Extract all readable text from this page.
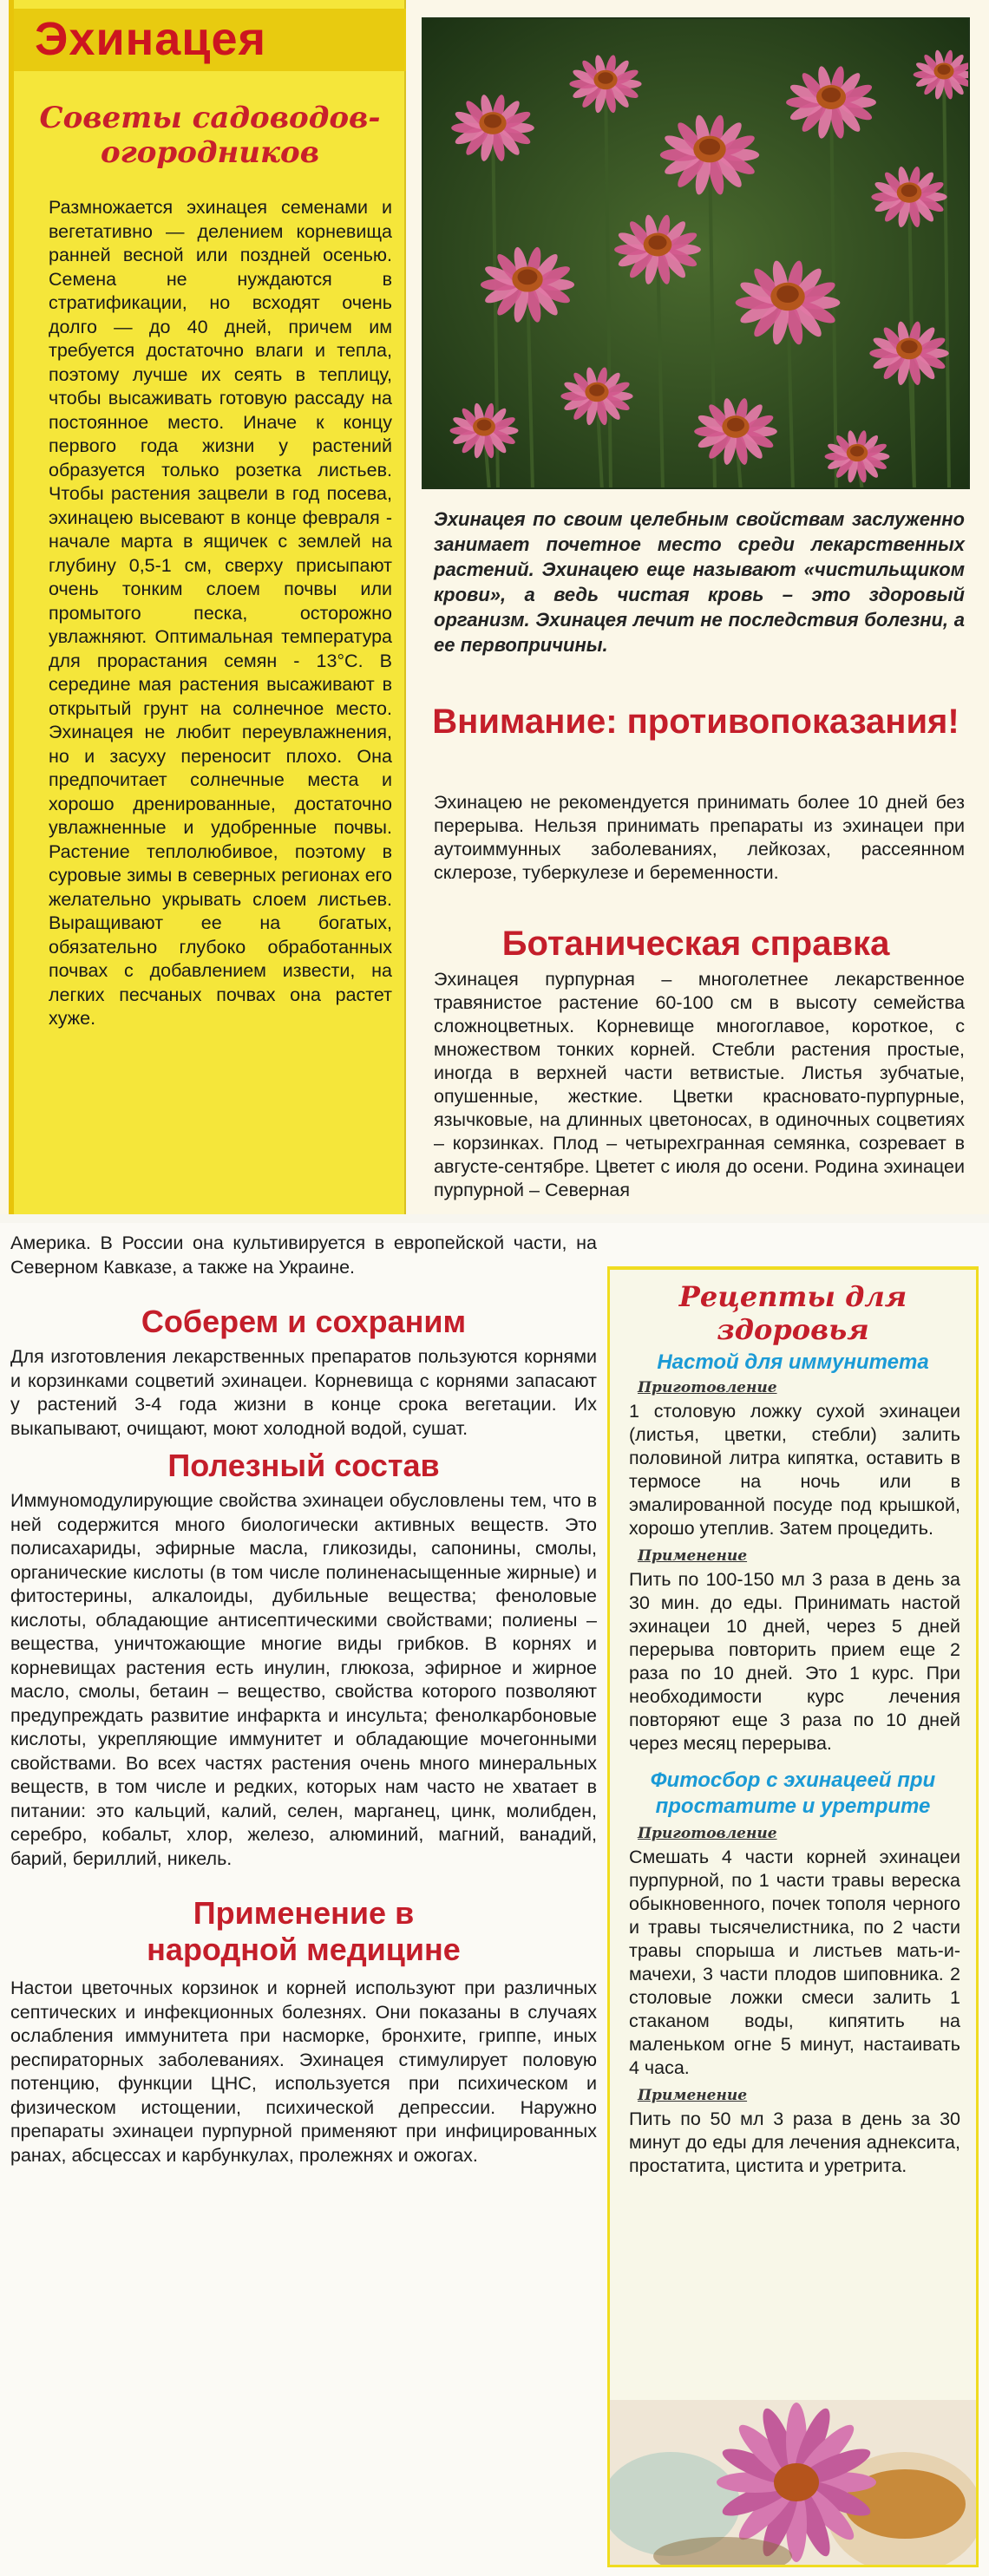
Эхинацея
Советы садоводов-огородников
Размножается эхинацея семенами и вегетативно — делением корневища ранней весной или поздней осенью. Семена не нуждаются в стратификации, но всходят очень долго — до 40 дней, причем им требуется достаточно влаги и тепла, поэтому лучше их сеять в теплицу, чтобы высаживать готовую рассаду на постоянное место. Иначе к концу первого года жизни у растений образуется только розетка листьев. Чтобы растения зацвели в год посева, эхинацею высевают в конце февраля - начале марта в ящичек с землей на глубину 0,5-1 см, сверху присыпают очень тонким слоем почвы или промытого песка, осторожно увлажняют. Оптимальная температура для прорастания семян - 13°С. В середине мая растения высаживают в открытый грунт на солнечное место. Эхинацея не любит переувлажнения, но и засуху переносит плохо. Она предпочитает солнечные места и хорошо дренированные, достаточно увлажненные и удобренные почвы. Растение теплолюбивое, поэтому в суровые зимы в северных регионах его желательно укрывать слоем листьев. Выращивают ее на богатых, обязательно глубоко обработанных почвах с добавлением извести, на легких песчаных почвах она растет хуже.
Эхинацея по своим целебным свойствам заслуженно занимает почетное место среди лекарственных растений. Эхинацею еще называют «чистильщиком крови», а ведь чистая кровь – это здоровый организм. Эхинацея лечит не последствия болезни, а ее первопричины.
Внимание: противопоказания!
Эхинацею не рекомендуется принимать более 10 дней без перерыва. Нельзя принимать препараты из эхинацеи при аутоиммунных заболеваниях, лейкозах, рассеянном склерозе, туберкулезе и беременности.
Ботаническая справка
Эхинацея пурпурная – многолетнее лекарственное травянистое растение 60-100 см в высоту семейства сложноцветных. Корневище многоглавое, короткое, с множеством тонких корней. Стебли растения простые, иногда в верхней части ветвистые. Листья зубчатые, опушенные, жесткие. Цветки красновато-пурпурные, язычковые, на длинных цветоносах, в одиночных соцветиях – корзинках. Плод – четырехгранная семянка, созревает в августе-сентябре. Цветет с июля до осени. Родина эхинацеи пурпурной – Северная

Америка. В России она культивируется в европейской части, на Северном Кавказе, а также на Украине.

Соберем и сохраним

Для изготовления лекарственных препаратов пользуются корнями и корзинками соцветий эхинацеи. Корневища с корнями запасают у растений 3-4 года жизни в конце срока вегетации. Их выкапывают, очищают, моют холодной водой, сушат.

Полезный состав

Иммуномодулирующие свойства эхинацеи обусловлены тем, что в ней содержится много биологически активных веществ. Это полисахариды, эфирные масла, гликозиды, сапонины, смолы, органические кислоты (в том числе полиненасыщенные жирные) и фитостерины, алкалоиды, дубильные вещества; феноловые кислоты, обладающие антисептическими свойствами; полиены – вещества, уничтожающие многие виды грибков. В корнях и корневищах растения есть инулин, глюкоза, эфирное и жирное масло, смолы, бетаин – вещество, свойства которого позволяют предупреждать развитие инфаркта и инсульта; фенолкарбоновые кислоты, укрепляющие иммунитет и обладающие мочегонными свойствами. Во всех частях растения очень много минеральных веществ, в том числе и редких, которых нам часто не хватает в питании: это кальций, калий, селен, марганец, цинк, молибден, серебро, кобальт, хлор, железо, алюминий, магний, ванадий, барий, бериллий, никель.

Применение в народной медицине

Настои цветочных корзинок и корней используют при различных септических и инфекционных болезнях. Они показаны в случаях ослабления иммунитета при насморке, бронхите, гриппе, иных респираторных заболеваниях. Эхинацея стимулирует половую потенцию, функции ЦНС, используется при психическом и физическом истощении, психической депрессии. Наружно препараты эхинацеи пурпурной применяют при инфицированных ранах, абсцессах и карбункулах, пролежнях и ожогах.

Рецепты для здоровья
Настой для иммунитета
Приготовление
1 столовую ложку сухой эхинацеи (листья, цветки, стебли) залить половиной литра кипятка, оставить в термосе на ночь или в эмалированной посуде под крышкой, хорошо утеплив. Затем процедить.
Применение
Пить по 100-150 мл 3 раза в день за 30 мин. до еды. Принимать настой эхинацеи 10 дней, через 5 дней перерыва повторить прием еще 2 раза по 10 дней. Это 1 курс. При необходимости курс лечения повторяют еще 3 раза по 10 дней через месяц перерыва.
Фитосбор с эхинацеей при простатите и уретрите
Приготовление
Смешать 4 части корней эхинацеи пурпурной, по 1 части травы вереска обыкновенного, почек тополя черного и травы тысячелистника, по 2 части травы спорыша и листьев мать-и-мачехи, 3 части плодов шиповника. 2 столовые ложки смеси залить 1 стаканом воды, кипятить на маленьком огне 5 минут, настаивать 4 часа.
Применение
Пить по 50 мл 3 раза в день за 30 минут до еды для лечения аднексита, простатита, цистита и уретрита.
